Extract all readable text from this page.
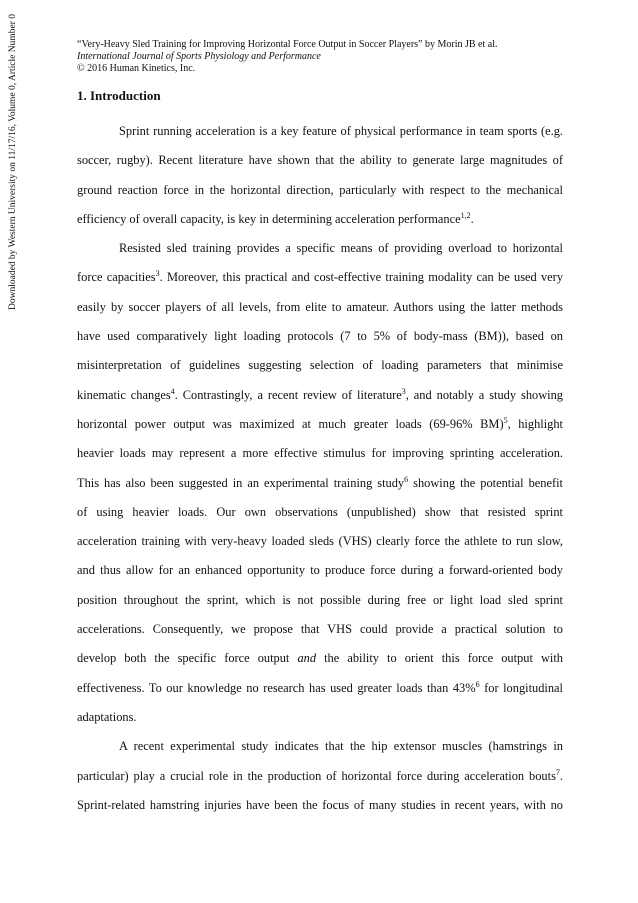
“Very-Heavy Sled Training for Improving Horizontal Force Output in Soccer Players” by Morin JB et al.
International Journal of Sports Physiology and Performance
© 2016 Human Kinetics, Inc.
Downloaded by Western University on 11/17/16, Volume 0, Article Number 0	1. Introduction
Sprint running acceleration is a key feature of physical performance in team sports (e.g.
soccer, rugby). Recent literature have shown that the ability to generate large magnitudes of
ground reaction force in the horizontal direction, particularly with respect to the mechanical
efficiency of overall capacity, is key in determining acceleration performance$^{1,2}$.
Resisted sled training provides a specific means of providing overload to horizontal
force capacities$^3$. Moreover, this practical and cost-effective training modality can be used very
easily by soccer players of all levels, from elite to amateur. Authors using the latter methods
have used comparatively light loading protocols (7 to 5% of body-mass (BM)), based on
misinterpretation of guidelines suggesting selection of loading parameters that minimise
kinematic changes$^4$. Contrastingly, a recent review of literature$^3$, and notably a study showing
horizontal power output was maximized at much greater loads (69-96% BM)$^5$, highlight
heavier loads may represent a more effective stimulus for improving sprinting acceleration.
This has also been suggested in an experimental training study$^6$ showing the potential benefit
of using heavier loads. Our own observations (unpublished) show that resisted sprint
acceleration training with very-heavy loaded sleds (VHS) clearly force the athlete to run slow,
and thus allow for an enhanced opportunity to produce force during a forward-oriented body
position throughout the sprint, which is not possible during free or light load sled sprint
accelerations. Consequently, we propose that VHS could provide a practical solution to
develop both the specific force output and the ability to orient this force output with
effectiveness. To our knowledge no research has used greater loads than 43%$^6$ for longitudinal
adaptations.
A recent experimental study indicates that the hip extensor muscles (hamstrings in
particular) play a crucial role in the production of horizontal force during acceleration bouts$^7$.
Sprint-related hamstring injuries have been the focus of many studies in recent years, with no
